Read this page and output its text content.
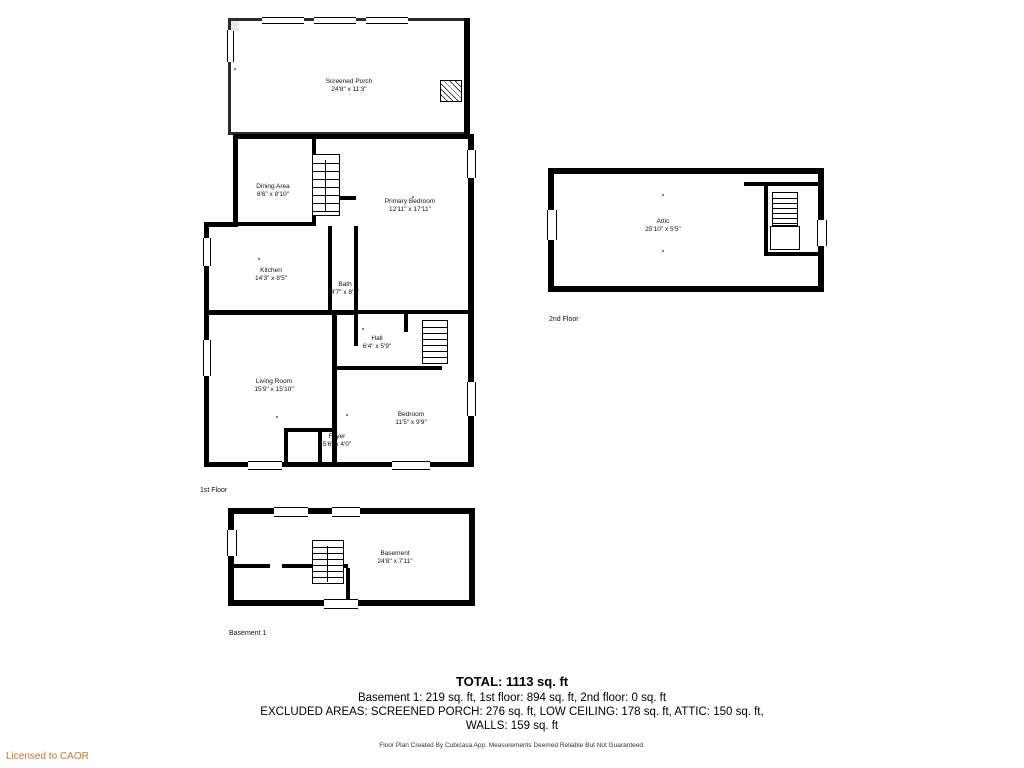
Screened Porch
24'8" x 11'3"
Dining Area
8'6" x 8'10"
Primary Bedroom
12'11" x 17'11"
Kitchen
14'3" x 8'5"
Bath
4'7" x 8'1"
Hall
6'4" x 5'9"
Living Room
15'9" x 15'10"
Bedroom
11'5" x 9'9"
Foyer
5'6" x 4'0"
1st Floor
Attic
25'10" x 5'5"
2nd Floor
Basement
24'8" x 7'11"
Basement 1
TOTAL: 1113 sq. ft
Basement 1: 219 sq. ft, 1st floor: 894 sq. ft, 2nd floor: 0 sq. ft
EXCLUDED AREAS: SCREENED PORCH: 276 sq. ft, LOW CEILING: 178 sq. ft, ATTIC: 150 sq. ft,
WALLS: 159 sq. ft
Floor Plan Created By Cubicasa App. Measurements Deemed Reliable But Not Guaranteed.
Licensed to CAOR
